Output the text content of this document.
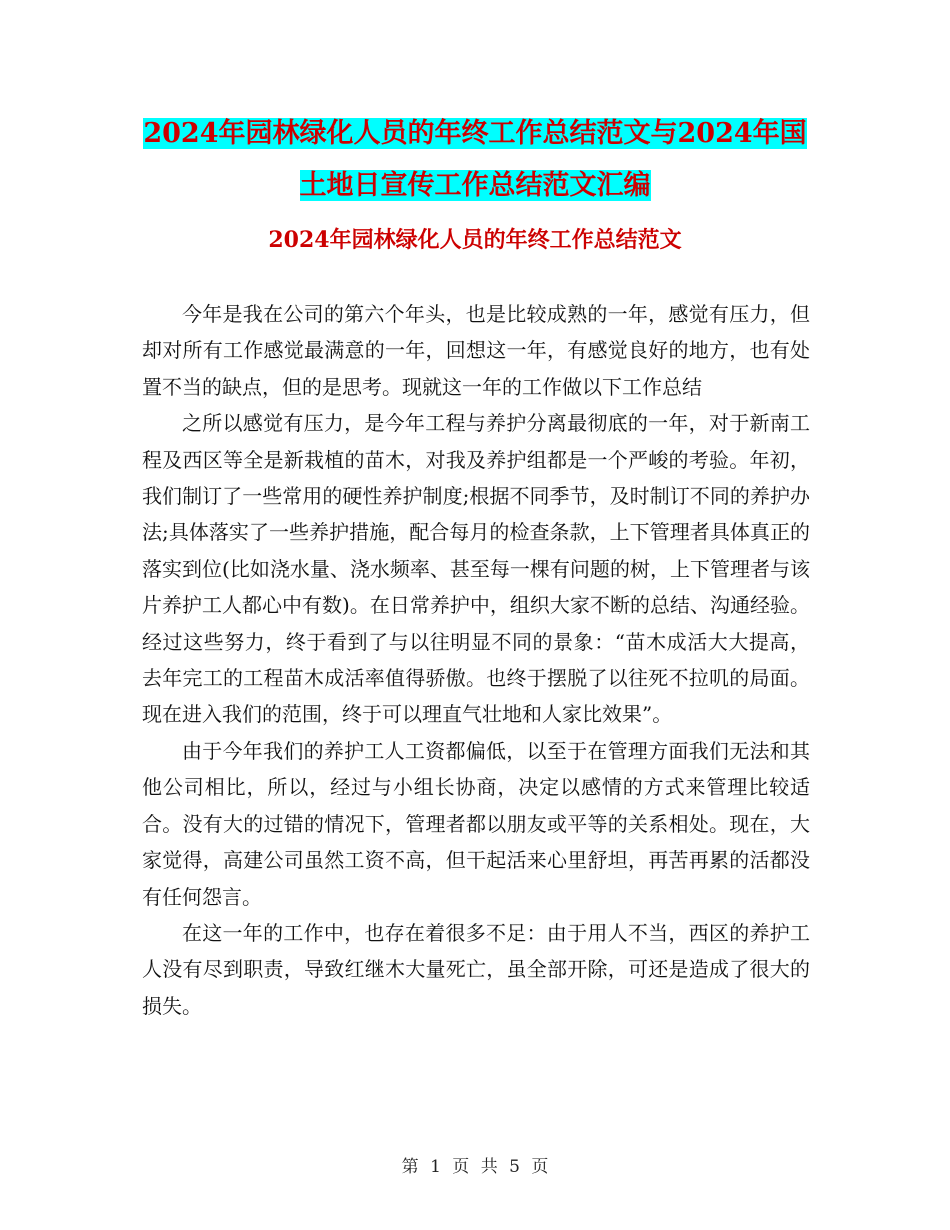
2024年园林绿化人员的年终工作总结范文与2024年国
土地日宣传工作总结范文汇编
2024年园林绿化人员的年终工作总结范文

今年是我在公司的第六个年头，也是比较成熟的一年，感觉有压力，但却对所有工作感觉最满意的一年，回想这一年，有感觉良好的地方，也有处置不当的缺点，但的是思考。现就这一年的工作做以下工作总结

之所以感觉有压力，是今年工程与养护分离最彻底的一年，对于新南工程及西区等全是新栽植的苗木，对我及养护组都是一个严峻的考验。年初，我们制订了一些常用的硬性养护制度;根据不同季节，及时制订不同的养护办法;具体落实了一些养护措施，配合每月的检查条款，上下管理者具体真正的落实到位(比如浇水量、浇水频率、甚至每一棵有问题的树，上下管理者与该片养护工人都心中有数)。在日常养护中，组织大家不断的总结、沟通经验。经过这些努力，终于看到了与以往明显不同的景象：“苗木成活大大提高，去年完工的工程苗木成活率值得骄傲。也终于摆脱了以往死不拉叽的局面。现在进入我们的范围，终于可以理直气壮地和人家比效果”。

由于今年我们的养护工人工资都偏低，以至于在管理方面我们无法和其他公司相比，所以，经过与小组长协商，决定以感情的方式来管理比较适合。没有大的过错的情况下，管理者都以朋友或平等的关系相处。现在，大家觉得，高建公司虽然工资不高，但干起活来心里舒坦，再苦再累的活都没有任何怨言。

在这一年的工作中，也存在着很多不足：由于用人不当，西区的养护工人没有尽到职责，导致红继木大量死亡，虽全部开除，可还是造成了很大的损失。

第 1 页 共 5 页
